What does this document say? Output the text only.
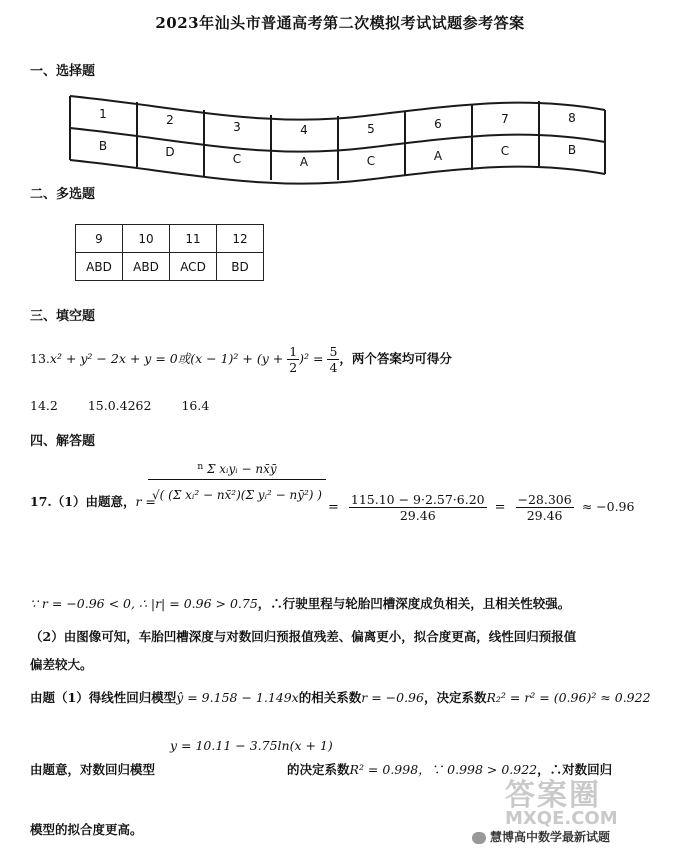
2023年汕头市普通高考第二次模拟考试试题参考答案
一、选择题
1	2	3	4	5	6	7	8
B	D	C	A	C	A	C	B
二、多选题
9	10	11	12
ABD	ABD	ACD	BD
三、填空题
13.x² + y² − 2x + y = 0或$(x - 1)^2 + (y + \frac{1}{2} )^2 = \frac{5}{4}$ ，两个答案均可得分
14.2 15.0.4262 16.4
四、解答题
17.（1）由题意，r =
n Σ xᵢyᵢ − nx̄ȳ
√( (Σ xᵢ² − nx̄²)(Σ yᵢ² − nȳ²) )
= $\frac{115.10 - 9\cdot 2.57\cdot 6.20}{29.46} = \frac{-28.306}{29.46} \approx -0.96$
∵ r = −0.96 < 0, ∴ |r| = 0.96 > 0.75，∴行驶里程与轮胎凹槽深度成负相关，且相关性较强。
（2）由图像可知，车胎凹槽深度与对数回归预报值残差、偏离更小，拟合度更高，线性回归预报值
偏差较大。
由题（1）得线性回归模型ŷ = 9.158 − 1.149x的相关系数r = −0.96，决定系数R₂² = r² = (0.96)² ≈ 0.922
y = 10.11 − 3.75ln(x + 1)
由题意，对数回归模型	的决定系数R² = 0.998，∵ 0.998 > 0.922，∴对数回归
模型的拟合度更高。
答案圈
MXQE.COM
慧博高中数学最新试题
